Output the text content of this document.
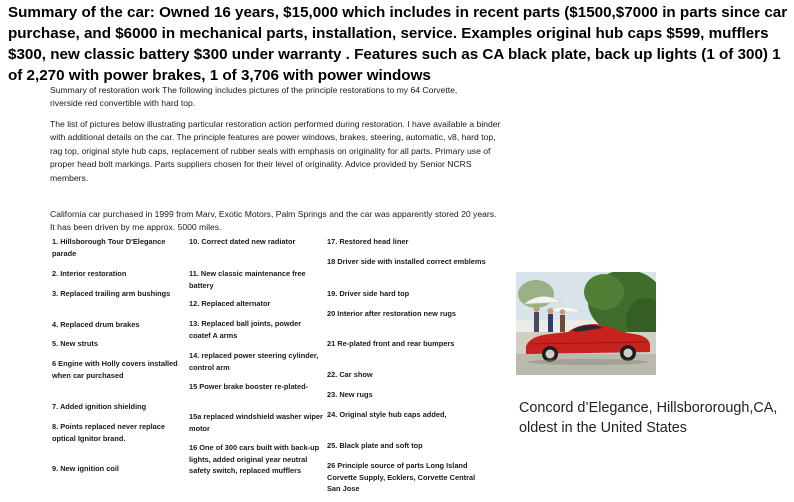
Summary of the car: Owned 16 years, $15,000 which includes in recent parts ($1500,$7000 in parts since car purchase, and $6000 in mechanical parts, installation, service. Examples original hub caps $599, mufflers $300, new classic battery $300 under warranty . Features such as CA black plate, back up lights (1 of 300) 1 of 2,270 with power brakes, 1 of 3,706 with power windows

Summary of restoration work The following includes pictures of the principle restorations to my 64 Corvette, riverside red convertible with hard top.

The list of pictures below illustrating particular restoration action performed during restoration. I have available a binder with additional details on the car. The principle features are power windows, brakes, steering, automatic, v8, hard top, rag top, original style hub caps, replacement of rubber seals with emphasis on originality for all parts. Primary use of proper head bolt markings. Parts suppliers chosen for their level of originality. Advice provided by Senior NCRS members.

California car purchased in 1999 from Marv, Exotic Motors, Palm Springs and the car was apparently stored 20 years. It has been driven by me approx. 5000 miles.

1. Hillsborough Tour D'Elegance parade
2. Interior restoration
3. Replaced trailing arm bushings
4. Replaced drum brakes
5. New struts
6 Engine with Holly covers installed when car purchased
7. Added ignition shielding
8. Points replaced never replace optical Ignitor brand.
9. New ignition coil
10. Correct dated new radiator
11. New classic maintenance free battery
12. Replaced alternator
13. Replaced ball joints, powder coatef A arms
14. replaced power steering cylinder, control arm
15 Power brake booster re-plated-
15a replaced windshield washer wiper motor
16 One of 300 cars built with back-up lights, added original year neutral safety switch, replaced mufflers
17. Restored head liner
18 Driver side with installed correct emblems
19. Driver side hard top
20 Interior after restoration new rugs
21 Re-plated front and rear bumpers
22. Car show
23. New rugs
24. Original style hub caps added,
25. Black plate and soft top
26 Principle source of parts Long Island Corvette Supply, Ecklers, Corvette Central San Jose
Concord d’Elegance, Hillsbororough,CA, oldest in the United States
